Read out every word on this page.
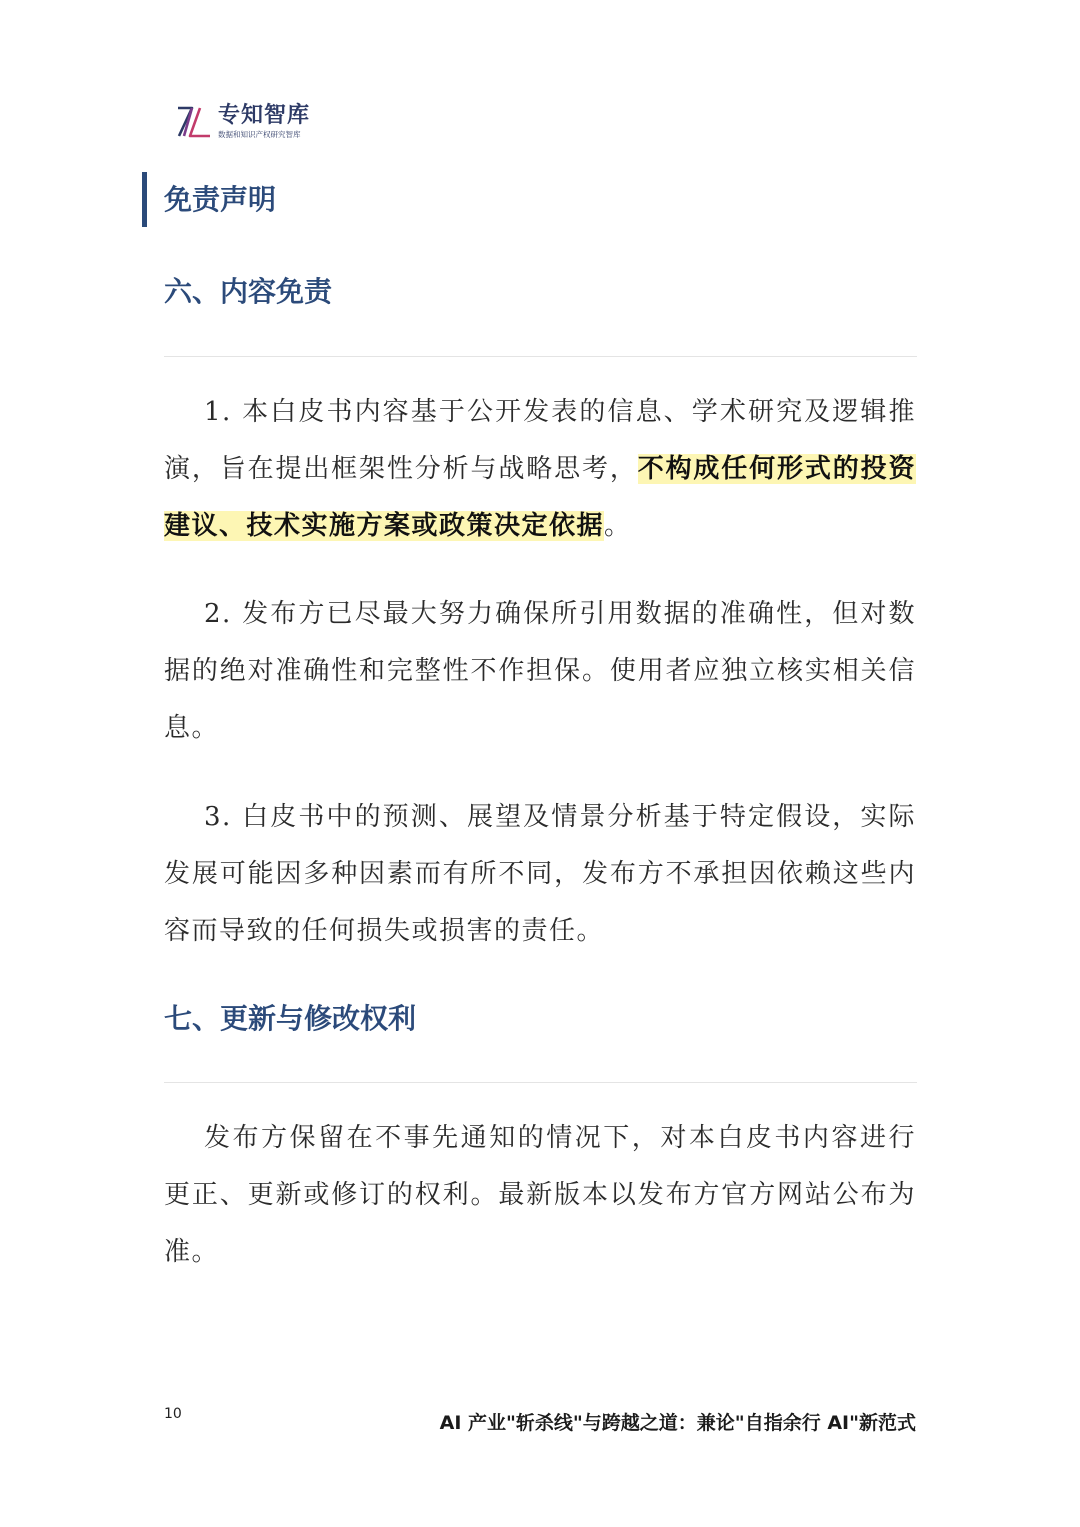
专知智库
数据和知识产权研究智库
免责声明
六、内容免责

1. 本白皮书内容基于公开发表的信息、学术研究及逻辑推演，旨在提出框架性分析与战略思考，不构成任何形式的投资建议、技术实施方案或政策决定依据。

2. 发布方已尽最大努力确保所引用数据的准确性，但对数据的绝对准确性和完整性不作担保。使用者应独立核实相关信息。

3. 白皮书中的预测、展望及情景分析基于特定假设，实际发展可能因多种因素而有所不同，发布方不承担因依赖这些内容而导致的任何损失或损害的责任。

七、更新与修改权利

发布方保留在不事先通知的情况下，对本白皮书内容进行更正、更新或修订的权利。最新版本以发布方官方网站公布为准。

10	AI 产业"斩杀线"与跨越之道：兼论"自指余行 AI"新范式
